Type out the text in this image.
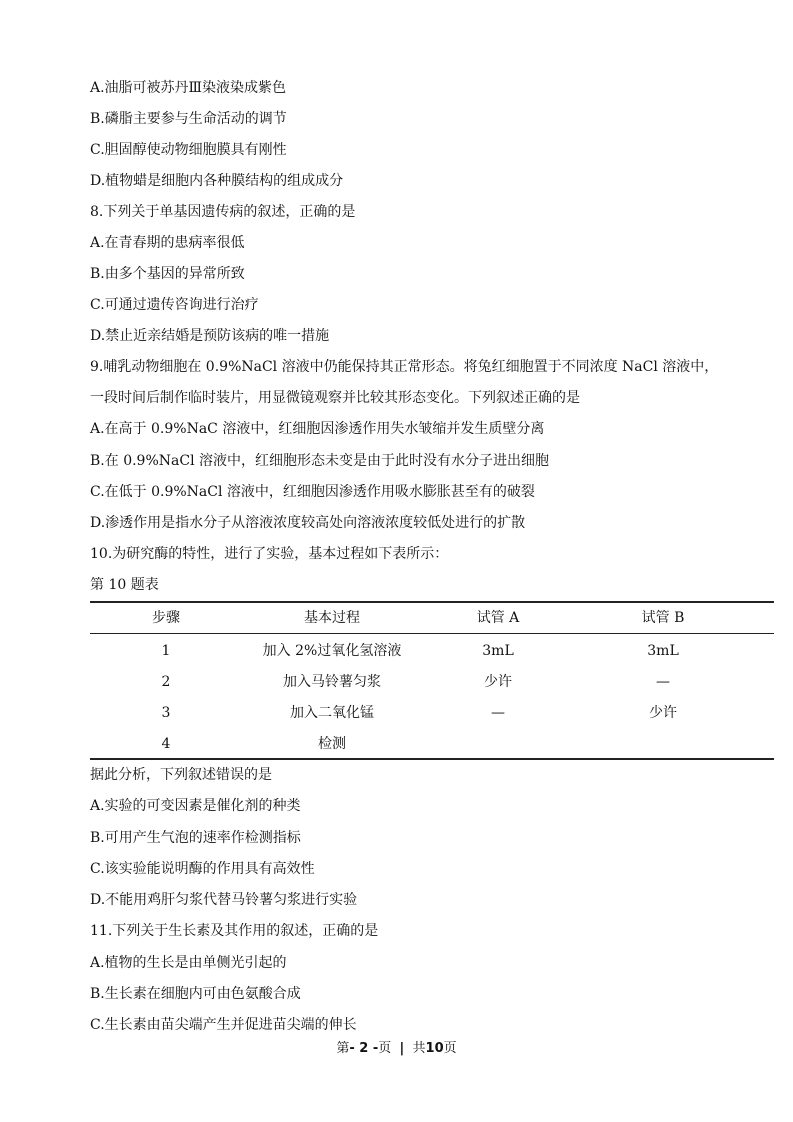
A.油脂可被苏丹Ⅲ染液染成紫色
B.磷脂主要参与生命活动的调节
C.胆固醇使动物细胞膜具有刚性
D.植物蜡是细胞内各种膜结构的组成成分
8.下列关于单基因遗传病的叙述，正确的是
A.在青春期的患病率很低
B.由多个基因的异常所致
C.可通过遗传咨询进行治疗
D.禁止近亲结婚是预防该病的唯一措施
9.哺乳动物细胞在 0.9%NaCl 溶液中仍能保持其正常形态。将兔红细胞置于不同浓度 NaCl 溶液中，
一段时间后制作临时装片，用显微镜观察并比较其形态变化。下列叙述正确的是
A.在高于 0.9%NaC 溶液中，红细胞因渗透作用失水皱缩并发生质壁分离
B.在 0.9%NaCl 溶液中，红细胞形态未变是由于此时没有水分子进出细胞
C.在低于 0.9%NaCl 溶液中，红细胞因渗透作用吸水膨胀甚至有的破裂
D.渗透作用是指水分子从溶液浓度较高处向溶液浓度较低处进行的扩散
10.为研究酶的特性，进行了实验，基本过程如下表所示：
第 10 题表
步骤	基本过程	试管 A	试管 B
1	加入 2%过氧化氢溶液	3mL	3mL
2	加入马铃薯匀浆	少许	—
3	加入二氧化锰	—	少许
4	检测
据此分析，下列叙述错误的是
A.实验的可变因素是催化剂的种类
B.可用产生气泡的速率作检测指标
C.该实验能说明酶的作用具有高效性
D.不能用鸡肝匀浆代替马铃薯匀浆进行实验
11.下列关于生长素及其作用的叙述，正确的是
A.植物的生长是由单侧光引起的
B.生长素在细胞内可由色氨酸合成
C.生长素由苗尖端产生并促进苗尖端的伸长
第- 2 -页 | 共10页
